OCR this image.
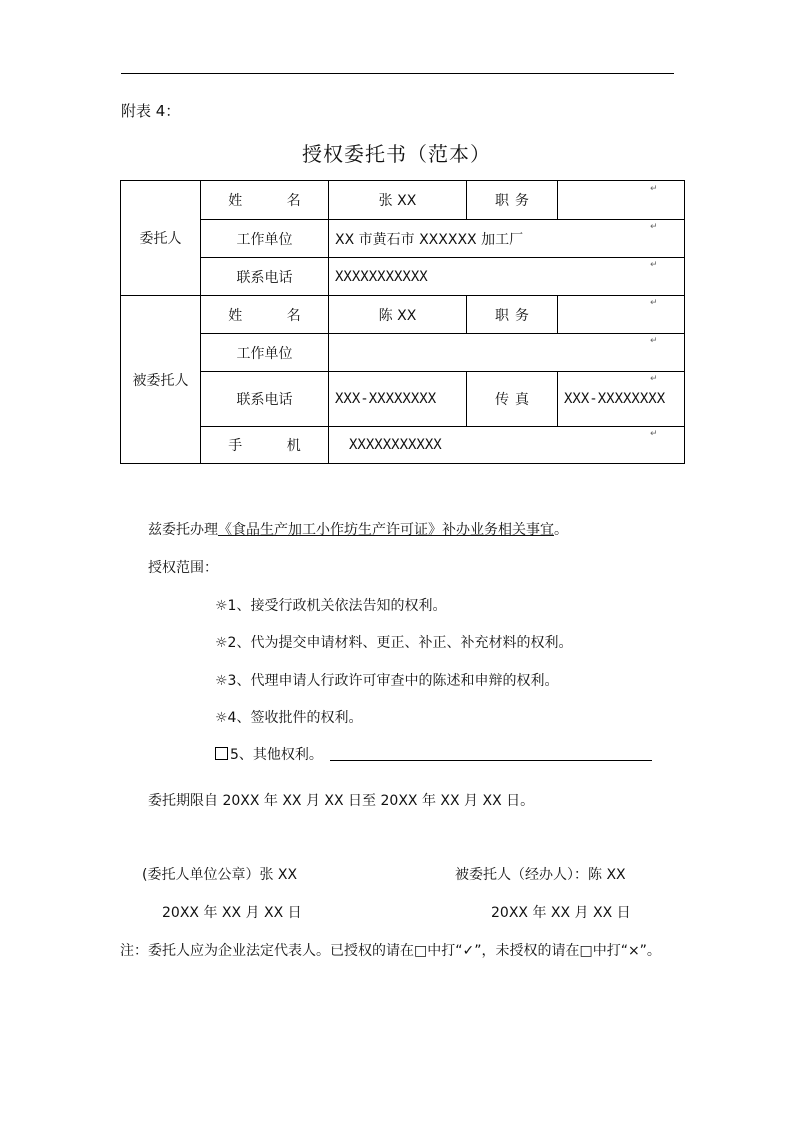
附表 4：
授权委托书（范本）
委托人	姓 名	张 XX	职务	
	工作单位	XX 市黄石市 XXXXXX 加工厂		
	联系电话	XXXXXXXXXXX		
被委托人	姓 名	陈 XX	职务	
	工作单位			
	联系电话	XXX-XXXXXXXX	传真	XXX-XXXXXXXX
	手 机	XXXXXXXXXXX		
↵
↵
↵
↵
↵
↵
↵
兹委托办理《食品生产加工小作坊生产许可证》补办业务相关事宜。
授权范围：
☼1、接受行政机关依法告知的权利。
☼2、代为提交申请材料、更正、补正、补充材料的权利。
☼3、代理申请人行政许可审查中的陈述和申辩的权利。
☼4、签收批件的权利。
5、其他权利。
委托期限自 20XX 年 XX 月 XX 日至 20XX 年 XX 月 XX 日。
(委托人单位公章）张 XX	被委托人（经办人）：陈 XX
20XX 年 XX 月 XX 日	20XX 年 XX 月 XX 日
注：委托人应为企业法定代表人。已授权的请在□中打“✓”，未授权的请在□中打“×”。
